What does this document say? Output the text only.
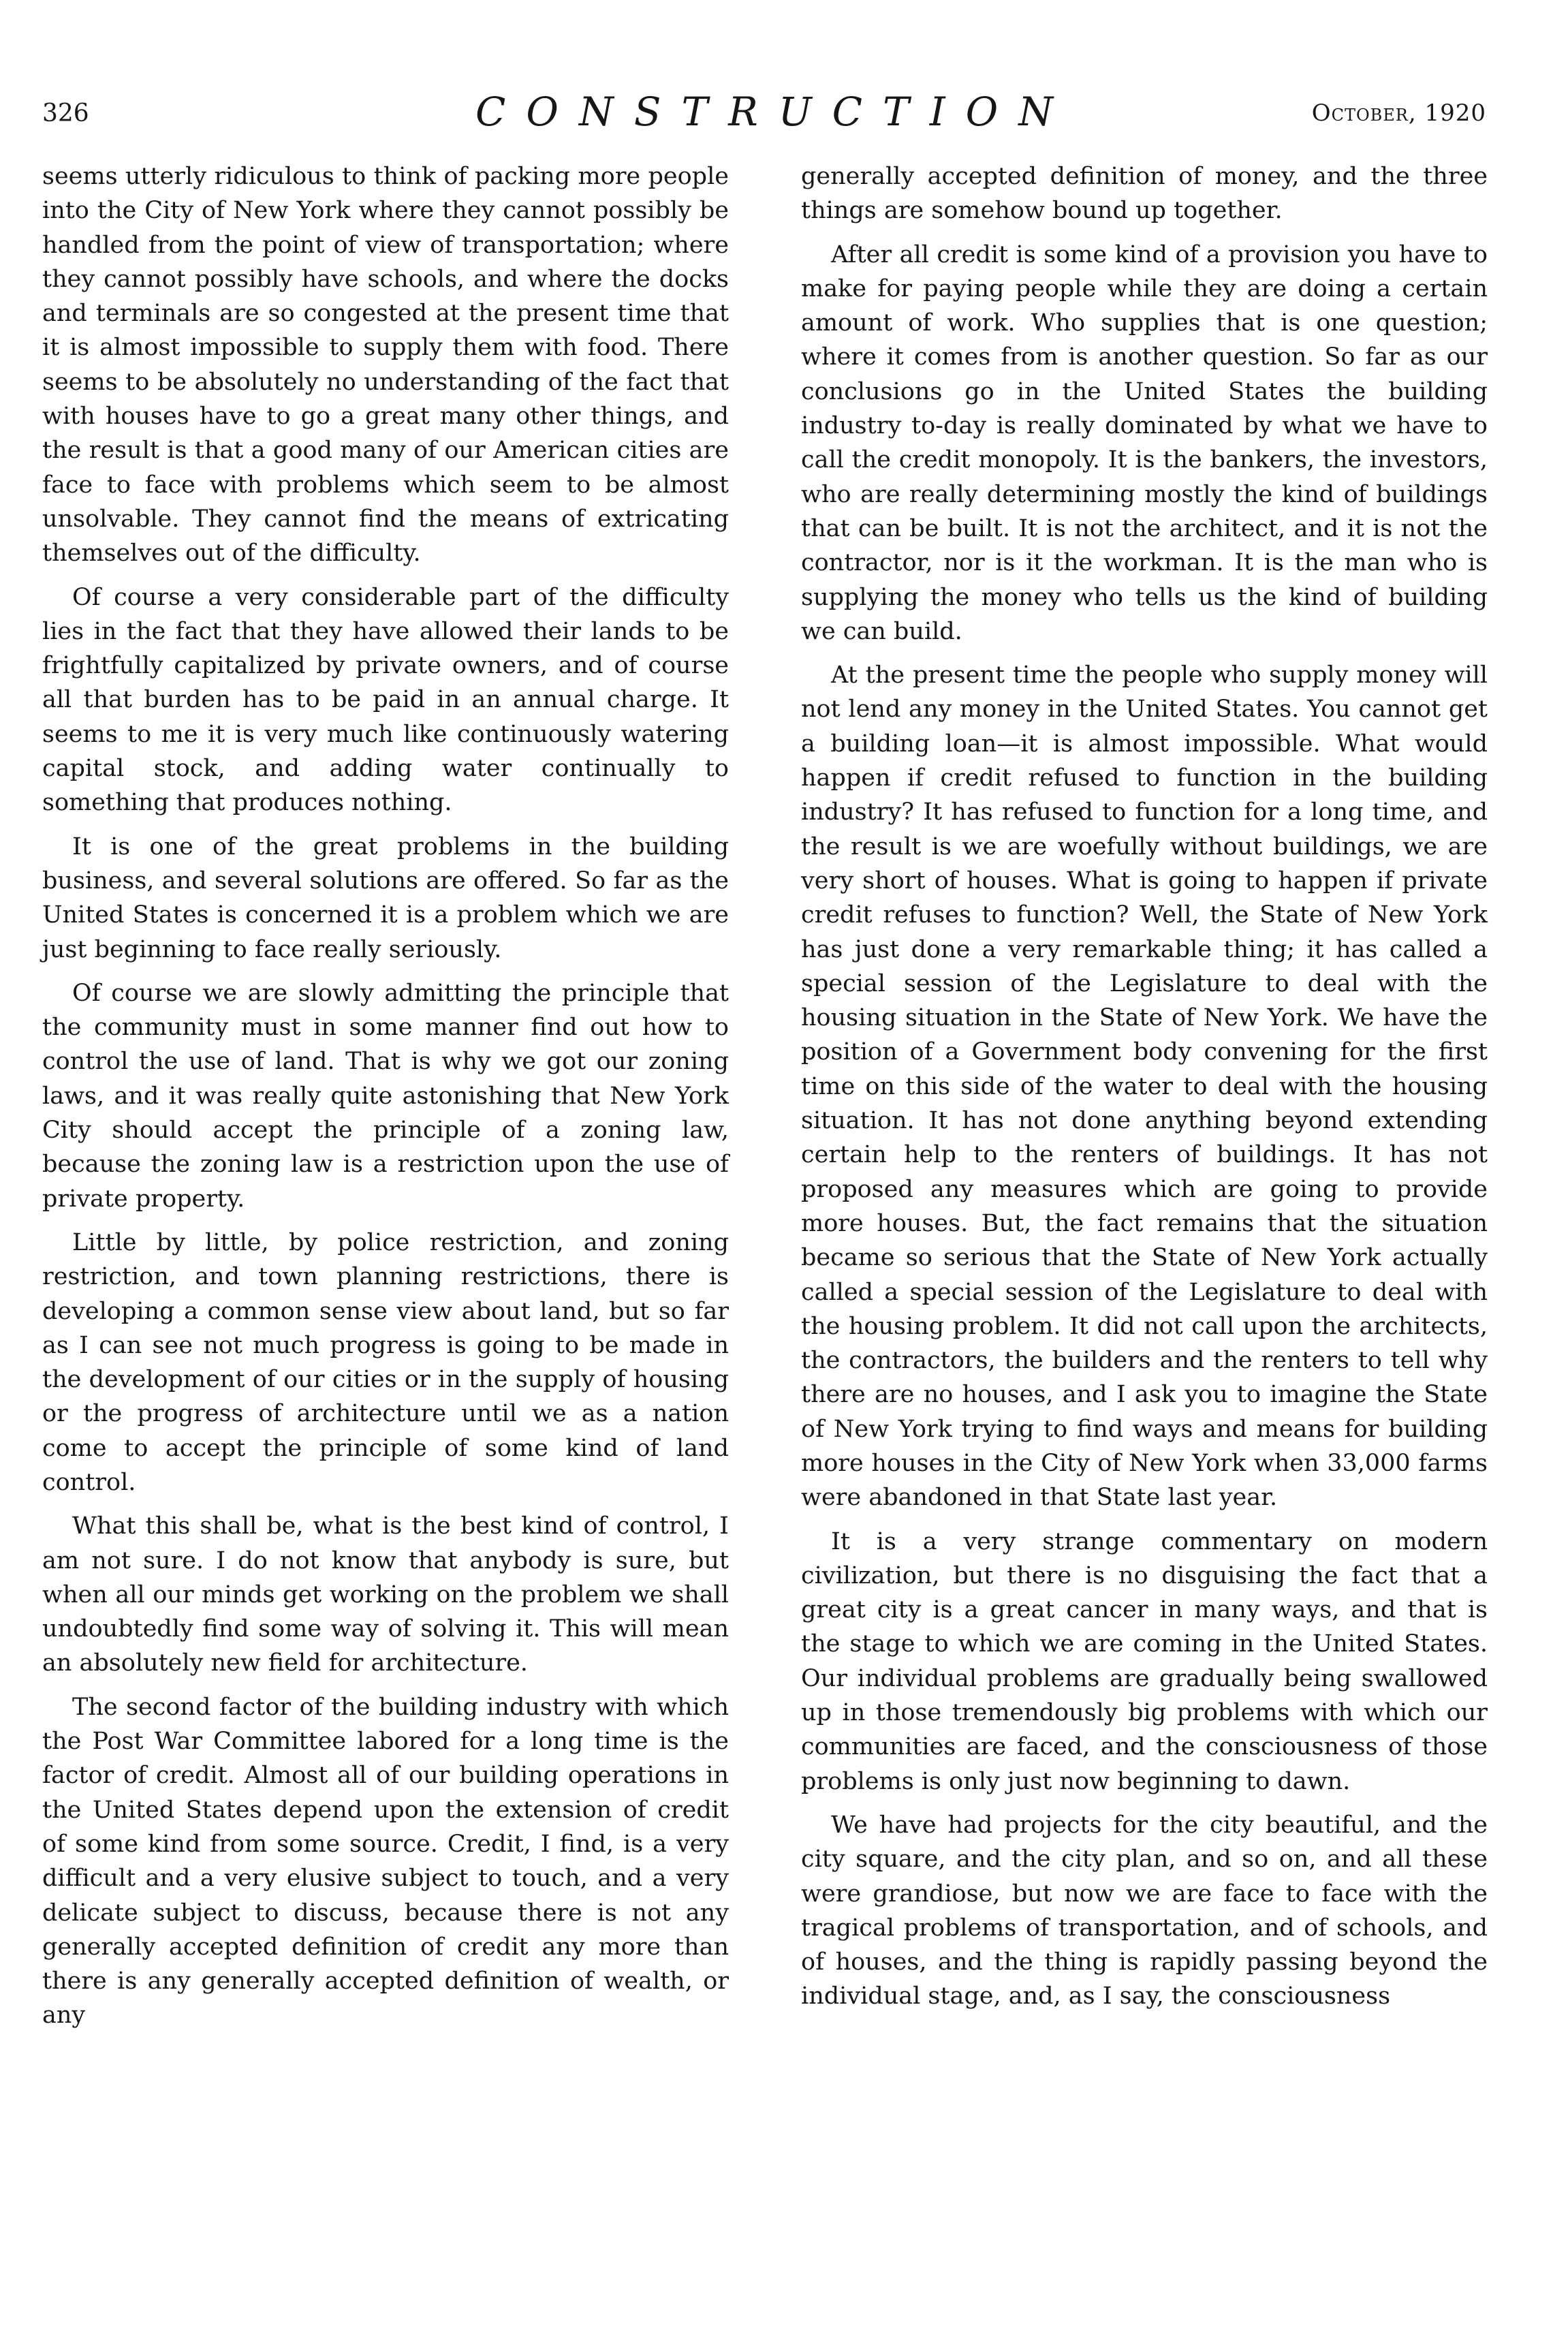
326	CONSTRUCTION	October, 1920

seems utterly ridiculous to think of packing more people into the City of New York where they cannot possibly be handled from the point of view of transportation; where they cannot possibly have schools, and where the docks and terminals are so congested at the present time that it is almost impossible to supply them with food. There seems to be absolutely no understanding of the fact that with houses have to go a great many other things, and the result is that a good many of our American cities are face to face with problems which seem to be almost unsolvable. They cannot find the means of extricating themselves out of the difficulty.

Of course a very considerable part of the difficulty lies in the fact that they have allowed their lands to be frightfully capitalized by private owners, and of course all that burden has to be paid in an annual charge. It seems to me it is very much like continuously watering capital stock, and adding water continually to something that produces nothing.

It is one of the great problems in the building business, and several solutions are offered. So far as the United States is concerned it is a problem which we are just beginning to face really seriously.

Of course we are slowly admitting the principle that the community must in some manner find out how to control the use of land. That is why we got our zoning laws, and it was really quite astonishing that New York City should accept the principle of a zoning law, because the zoning law is a restriction upon the use of private property.

Little by little, by police restriction, and zoning restriction, and town planning restrictions, there is developing a common sense view about land, but so far as I can see not much progress is going to be made in the development of our cities or in the supply of housing or the progress of architecture until we as a nation come to accept the principle of some kind of land control.

What this shall be, what is the best kind of control, I am not sure. I do not know that anybody is sure, but when all our minds get working on the problem we shall undoubtedly find some way of solving it. This will mean an absolutely new field for architecture.

The second factor of the building industry with which the Post War Committee labored for a long time is the factor of credit. Almost all of our building operations in the United States depend upon the extension of credit of some kind from some source. Credit, I find, is a very difficult and a very elusive subject to touch, and a very delicate subject to discuss, because there is not any generally accepted definition of credit any more than there is any generally accepted definition of wealth, or any

generally accepted definition of money, and the three things are somehow bound up together.

After all credit is some kind of a provision you have to make for paying people while they are doing a certain amount of work. Who supplies that is one question; where it comes from is another question. So far as our conclusions go in the United States the building industry to-day is really dominated by what we have to call the credit monopoly. It is the bankers, the investors, who are really determining mostly the kind of buildings that can be built. It is not the architect, and it is not the contractor, nor is it the workman. It is the man who is supplying the money who tells us the kind of building we can build.

At the present time the people who supply money will not lend any money in the United States. You cannot get a building loan—it is almost impossible. What would happen if credit refused to function in the building industry? It has refused to function for a long time, and the result is we are woefully without buildings, we are very short of houses. What is going to happen if private credit refuses to function? Well, the State of New York has just done a very remarkable thing; it has called a special session of the Legislature to deal with the housing situation in the State of New York. We have the position of a Government body convening for the first time on this side of the water to deal with the housing situation. It has not done anything beyond extending certain help to the renters of buildings. It has not proposed any measures which are going to provide more houses. But, the fact remains that the situation became so serious that the State of New York actually called a special session of the Legislature to deal with the housing problem. It did not call upon the architects, the contractors, the builders and the renters to tell why there are no houses, and I ask you to imagine the State of New York trying to find ways and means for building more houses in the City of New York when 33,000 farms were abandoned in that State last year.

It is a very strange commentary on modern civilization, but there is no disguising the fact that a great city is a great cancer in many ways, and that is the stage to which we are coming in the United States. Our individual problems are gradually being swallowed up in those tremendously big problems with which our communities are faced, and the consciousness of those problems is only just now beginning to dawn.

We have had projects for the city beautiful, and the city square, and the city plan, and so on, and all these were grandiose, but now we are face to face with the tragical problems of transportation, and of schools, and of houses, and the thing is rapidly passing beyond the individual stage, and, as I say, the consciousness
